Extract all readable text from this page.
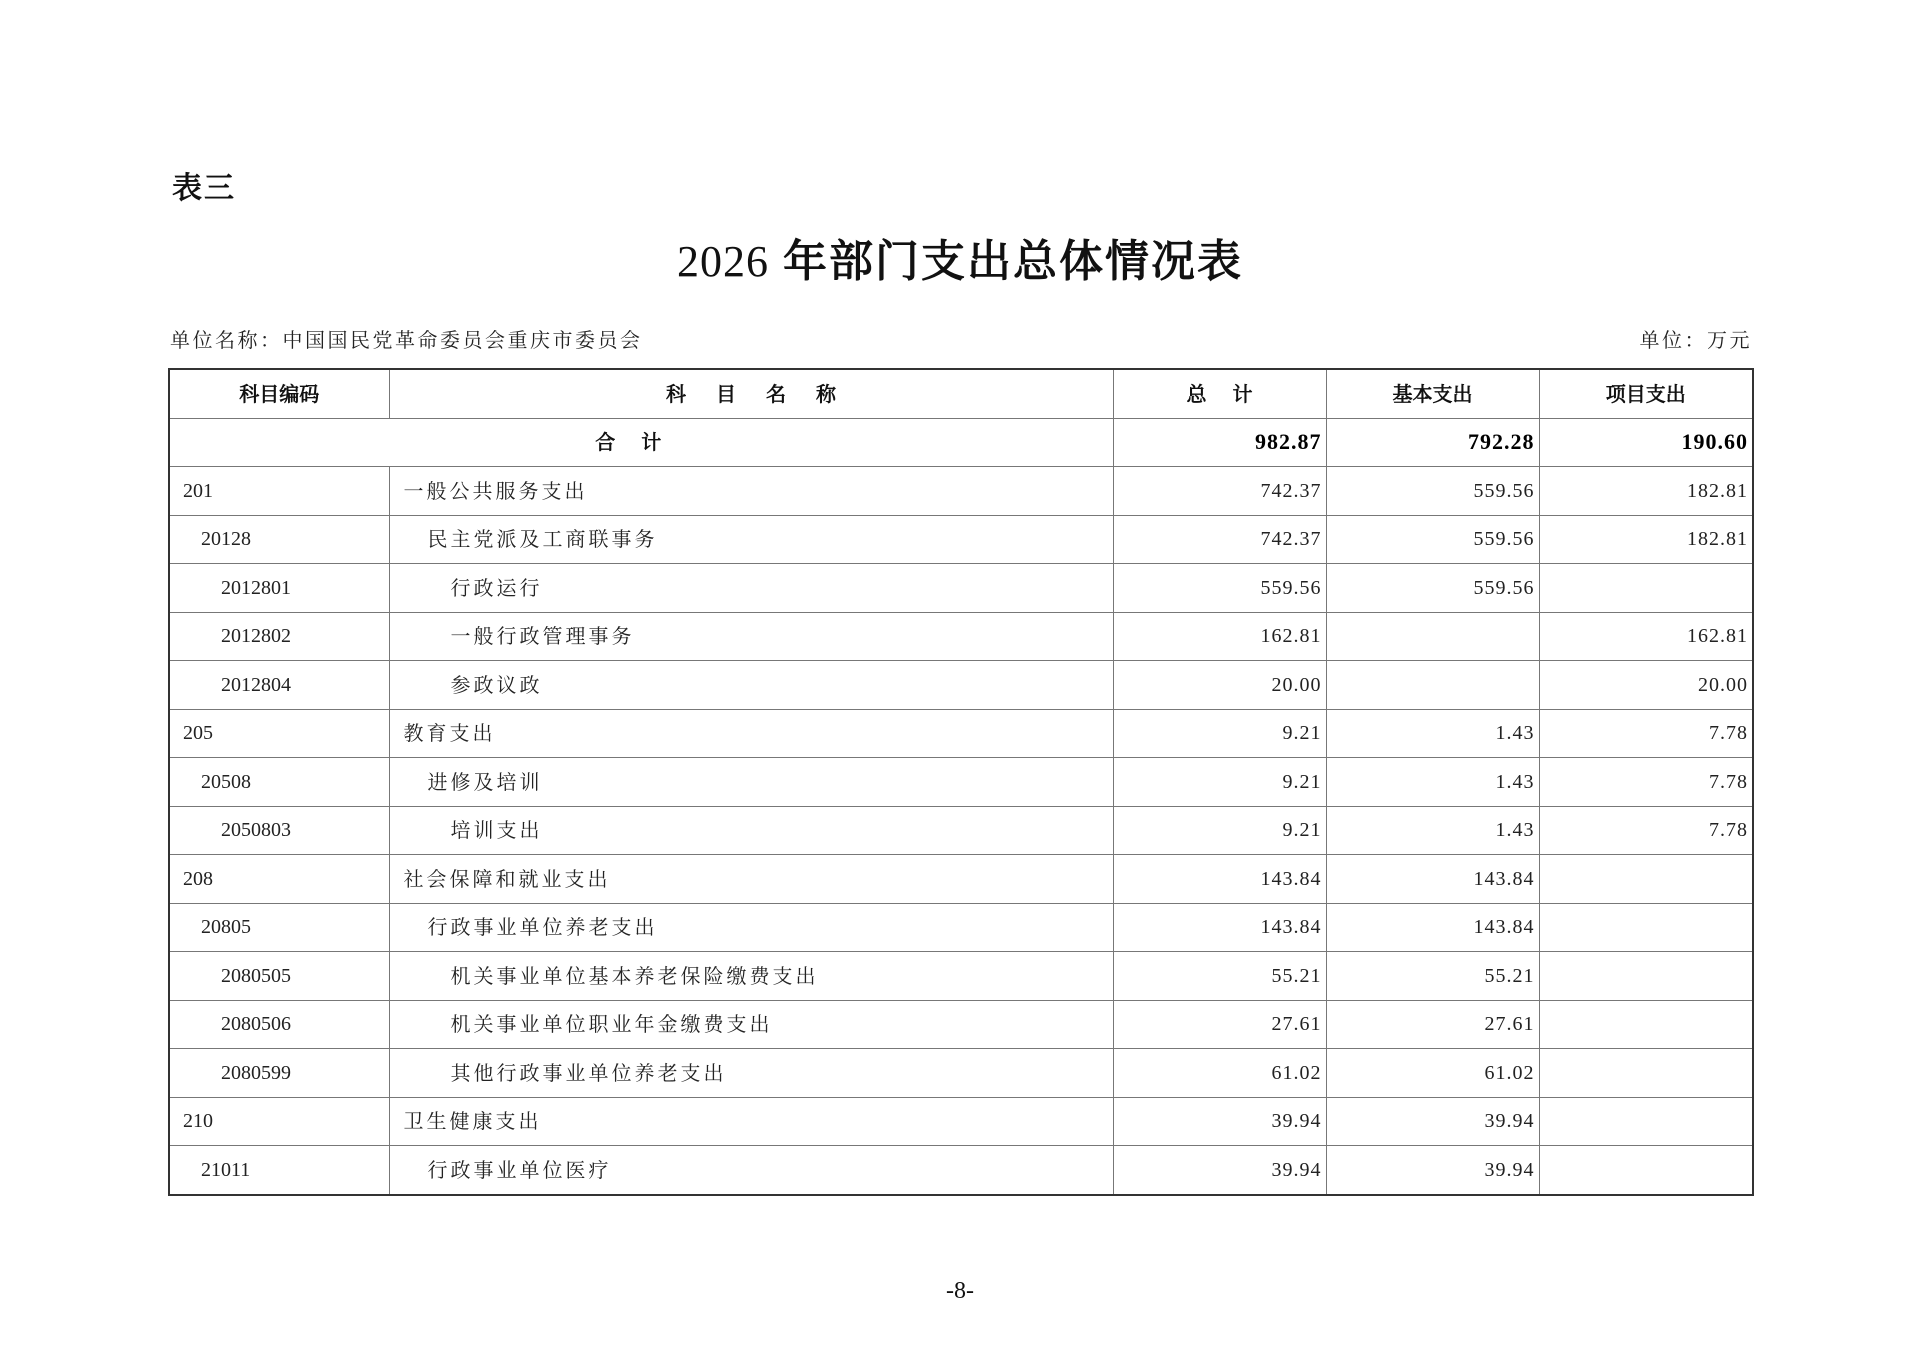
表三
2026 年部门支出总体情况表
单位名称：中国国民党革命委员会重庆市委员会	单位：万元
科目编码	科目名称	总计	基本支出	项目支出
合计		982.87	792.28	190.60
201	一般公共服务支出	742.37	559.56	182.81
20128	民主党派及工商联事务	742.37	559.56	182.81
2012801	行政运行	559.56	559.56	
2012802	一般行政管理事务	162.81		162.81
2012804	参政议政	20.00		20.00
205	教育支出	9.21	1.43	7.78
20508	进修及培训	9.21	1.43	7.78
2050803	培训支出	9.21	1.43	7.78
208	社会保障和就业支出	143.84	143.84	
20805	行政事业单位养老支出	143.84	143.84	
2080505	机关事业单位基本养老保险缴费支出	55.21	55.21	
2080506	机关事业单位职业年金缴费支出	27.61	27.61	
2080599	其他行政事业单位养老支出	61.02	61.02	
210	卫生健康支出	39.94	39.94	
21011	行政事业单位医疗	39.94	39.94	
-8-
